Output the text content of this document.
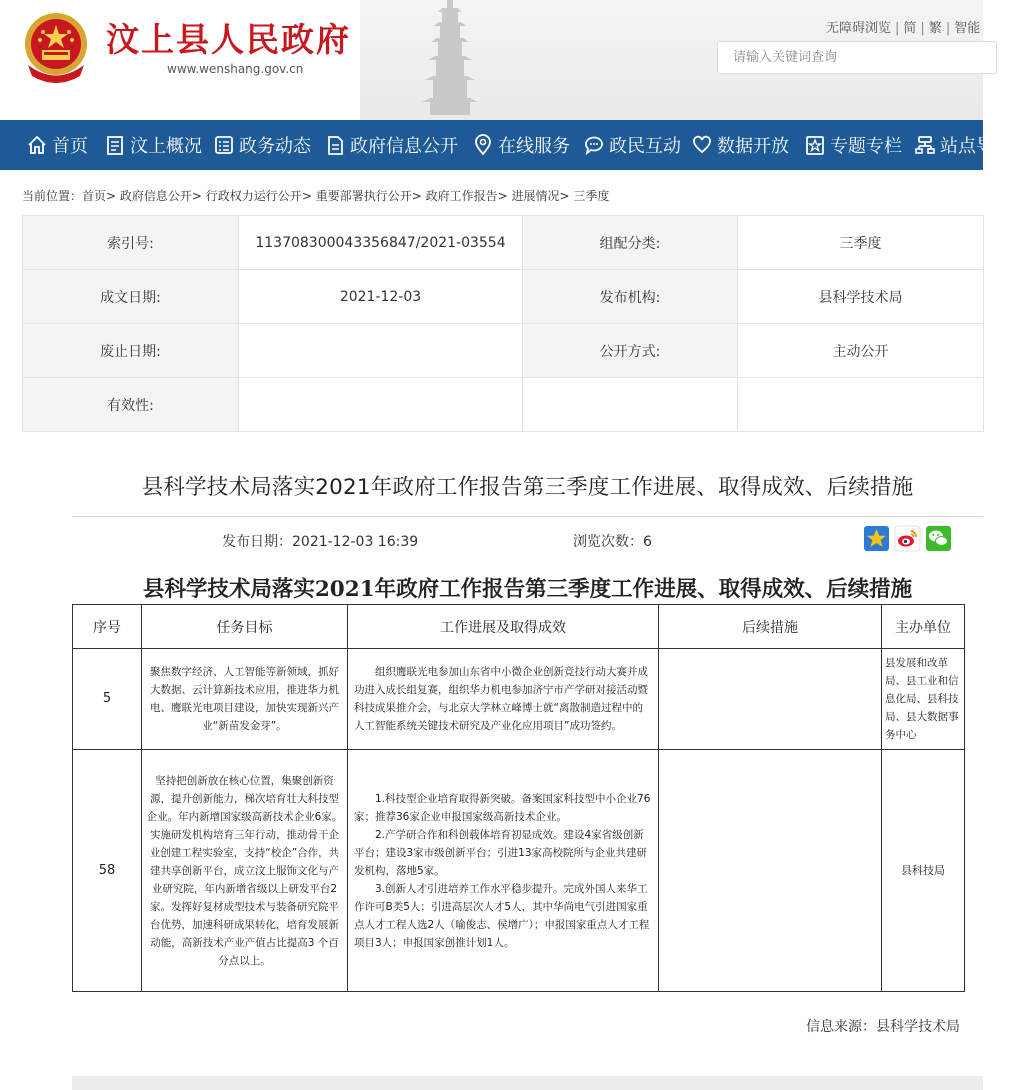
汶上县人民政府
www.wenshang.gov.cn
无障碍浏览 | 简 | 繁 | 智能
请输入关键词查询
首页 汶上概况 政务动态 政府信息公开 在线服务 政民互动 数据开放 专题专栏 站点导航
当前位置：首页> 政府信息公开> 行政权力运行公开> 重要部署执行公开> 政府工作报告> 进展情况> 三季度
索引号:	113708300043356847/2021-03554	组配分类:	三季度
成文日期:	2021-12-03	发布机构:	县科学技术局
废止日期:		公开方式:	主动公开
有效性:			
县科学技术局落实2021年政府工作报告第三季度工作进展、取得成效、后续措施
发布日期：2021-12-03 16:39	浏览次数：6
县科学技术局落实2021年政府工作报告第三季度工作进展、取得成效、后续措施
序号	任务目标	工作进展及取得成效	后续措施	主办单位
5	聚焦数字经济、人工智能等新领域，抓好大数据、云计算新技术应用，推进华力机电、鹰联光电项目建设，加快实现新兴产业“新苗发金芽”。	组织鹰联光电参加山东省中小微企业创新竞技行动大赛并成功进入成长组复赛，组织华力机电参加济宁市产学研对接活动暨科技成果推介会，与北京大学林立峰博士就“离散制造过程中的人工智能系统关键技术研究及产业化应用项目”成功签约。		县发展和改革局、县工业和信息化局、县科技局、县大数据事务中心
58	坚持把创新放在核心位置，集聚创新资源，提升创新能力，梯次培育壮大科技型企业。年内新增国家级高新技术企业6家。实施研发机构培育三年行动，推动骨干企业创建工程实验室，支持“校企”合作，共建共享创新平台，成立汶上服饰文化与产业研究院，年内新增省级以上研发平台2家。发挥好复材成型技术与装备研究院平台优势，加速科研成果转化，培育发展新动能，高新技术产业产值占比提高3 个百分点以上。	1.科技型企业培育取得新突破。备案国家科技型中小企业76家；推荐36家企业申报国家级高新技术企业。

2.产学研合作和科创载体培育初显成效。建设4家省级创新平台；建设3家市级创新平台；引进13家高校院所与企业共建研发机构，落地5家。

3.创新人才引进培养工作水平稳步提升。完成外国人来华工作许可B类5人；引进高层次人才5人，其中华尚电气引进国家重点人才工程人选2人（喻俊志、侯增广）；申报国家重点人才工程项目3人；申报国家创推计划1人。		县科技局
信息来源：县科学技术局
